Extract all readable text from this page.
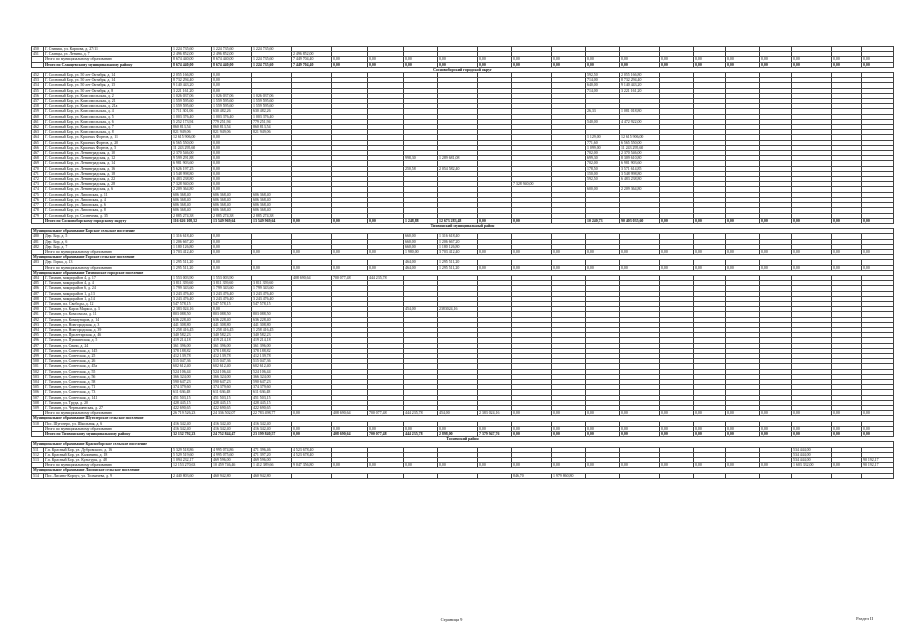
450	Г. Стивиш, ул. Карпова, д. 27/11	1 224 735,60	1 224 735,60	1 224 735,60																	
451	Г. Сланцы, ул. Ленина, д. 7	2 496 852,00	2 496 852,00		2 496 852,00																
	Итого по муниципальному образованию	8 674 440,00	8 674 440,00	1 224 735,60	7 449 704,40	0,00	0,00	0,00	0,00	0,00	0,00	0,00	0,00	0,00	0,00	0,00	0,00	0,00	0,00	0,00	0,00
	Итого по Сланцевскому муниципальному району	8 674 440,00	8 674 440,00	1 224 735,60	7 449 704,40	0,00	0,00	0,00	0,00	0,00	0,00	0,00	0,00	0,00	0,00	0,00	0,00	0,00	0,00	0,00	0,00
Сосновоборский городской округ																					
452	Г. Сосновый Бор, ул. 50 лет Октября, д. 14	2 055 166,80	0,00										592,50	2 055 166,80							
453	Г. Сосновый Бор, ул. 50 лет Октября, д. 14	8 732 294,40	0,00										714,00	8 732 294,40							
454	Г. Сосновый Бор, ул. 50 лет Октября, д. 15	9 140 443,20	0,00										640,00	9 140 443,20							
455	Г. Сосновый Бор, ул. 50 лет Октября, д. 8	3 221 161,20	0,00										714,00	3 221 161,20							
456	Г. Сосновый Бор, ул. Комсомольская, д. 2	1 026 037,06	1 026 037,06	1 026 037,06																	
457	Г. Сосновый Бор, ул. Комсомольская, д. 21	1 559 595,60	1 559 595,60	1 559 595,60																	
458	Г. Сосновый Бор, ул. Комсомольская, д. 21а	1 559 595,60	1 559 595,60	1 559 595,60																	
459	Г. Сосновый Бор, ул. Комсомольская, д. 4	1 711 301,06	630 482,26	630 482,26									26,33	1 081 018,80							
460	Г. Сосновый Бор, ул. Комсомольская, д. 5	1 003 376,40	1 003 376,40	1 003 376,40																	
461	Г. Сосновый Бор, ул. Комсомольская, д. 6	5 252 173,94	779 251,94	779 251,94									540,00	4 472 922,00							
462	Г. Сосновый Бор, ул. Комсомольская, д. 7	860 813,54	860 813,54	860 813,54																	
463	Г. Сосновый Бор, ул. Комсомольская, д. 8	821 949,06	821 949,06	821 949,06																	
464	Г. Сосновый Бор, ул. Красных Фортов, д. 11	12 615 906,00	0,00										1 129,00	12 615 906,00							
465	Г. Сосновый Бор, ул. Красных Фортов, д. 20	6 565 550,00	0,00										771,60	6 565 550,00							
466	Г. Сосновый Бор, ул. Красных Фортов, д. 5	11 243 295,60	0,00										1 099,00	11 243 295,60							
467	Г. Сосновый Бор, ул. Ленинградская, д. 10	2 370 546,00	0,00										702,00	2 370 546,00							
468	Г. Сосновый Бор, ул. Ленинградская, д. 12	9 599 291,88	0,00					998,30	1 289 681,08				699,30	8 309 610,80							
469	Г. Сосновый Бор, ул. Ленинградская, д. 14	6 981 903,60	0,00										702,00	6 981 903,60							
470	Г. Сосновый Бор, ул. Ленинградская, д. 16	5 626 197,25	0,00					250,58	2 054 582,40				178,50	3 571 614,85							
471	Г. Сосновый Бор, ул. Ленинградская, д. 18	3 548 998,80	0,00										150,00	3 548 998,80							
472	Г. Сосновый Бор, ул. Ленинградская, д. 22	6 483 238,80	0,00										592,50	6 483 238,80							
473	Г. Сосновый Бор, ул. Ленинградская, д. 28	7 328 940,00	0,00								7 328 940,00										
474	Г. Сосновый Бор, ул. Ленинградская, д. 6	2 209 364,80	0,00										600,00	2 209 364,80							
475	Г. Сосновый Бор, ул. Липовская, д. 11	606 368,40	606 368,40	606 368,40																	
476	Г. Сосновый Бор, ул. Липовская, д. 4	606 368,40	606 368,40	606 368,40																	
477	Г. Сосновый Бор, ул. Липовская, д. 6	606 368,40	606 368,40	606 368,40																	
478	Г. Сосновый Бор, ул. Липовская, д. 8	606 368,40	606 368,40	606 368,40																	
479	Г. Сосновый Бор, ул. Солнечная, д. 35	2 885 274,38	2 885 274,38	2 885 274,38																	
	Итого по Сосновоборскому городскому округу	116 626 108,52	13 549 969,64	13 549 969,64	0,00	0,00	0,00	1 248,88	12 673 283,48	0,00	0,00		10 240,73	90 403 035,60	0,00	0,00	0,00	0,00	0,00	0,00	0,00
Тихвинский муниципальный район																					
Муниципальное образование Борское сельское поселение																					
480	Дер. Бор, д. 5	1 316 618,40	0,00					660,00	1 316 618,40												
481	Дер. Бор, д. 6	1 206 667,20	0,00					660,00	1 206 667,20												
482	Дер. Бор, д. 7	1 180 126,80	0,00					660,00	1 180 126,80												
	Итого по муниципальному образованию	3 703 412,40	0,00	0,00	0,00	0,00	0,00	1 980,00	3 703 412,40	0,00	0,00	0,00	0,00	0,00	0,00	0,00	0,00	0,00	0,00	0,00	0,00
Муниципальное образование Горское сельское поселение																					
483	Дер. Горка, д. 13	1 295 511,20	0,00					464,00	1 295 511,20												
	Итого по муниципальному образованию	1 295 511,20	0,00	0,00	0,00	0,00	0,00	464,00	1 295 511,20	0,00	0,00	0,00	0,00	0,00	0,00	0,00	0,00	0,00	0,00	0,00	0,00
Муниципальное образование Тихвинское городское поселение																					
484	Г. Тихвин, микрорайон 4, д. 17	1 553 003,90	1 553 003,90		408 690,64	700 077,48	444 235,78														
485	Г. Тихвин, микрорайон 4, д. 4	3 811 359,60	3 811 359,60	3 811 359,60																	
486	Г. Тихвин, микрорайон 6, д. 24	1 799 343,60	1 799 343,60	1 799 343,60																	
487	Г. Тихвин, микрорайон 1, д.13	3 243 476,40	3 243 476,40	3 243 476,40																	
488	Г. Тихвин, микрорайон 1, д.14	3 243 476,40	3 243 476,40	3 243 476,40																	
489	Г. Тихвин, пл. Свободы, д. 12	547 578,15	547 578,15	547 578,15																	
490	Г. Тихвин, ул. Карла Маркса, д. 3	2 383 024,16	0,00					454,00	2383024,16												
491	Г. Тихвин, ул. Комсомола, д. 11	803 088,50	803 088,50	803 088,50																	
492	Г. Тихвин, ул. Коммунаров, д. 14	636 228,40	636 228,40	636 228,40																	
493	Г. Тихвин, ул. Новгородская, д. 3	441 308,80	441 308,80	441 308,80																	
494	Г. Тихвин, ул. Новгородская, д. 39	1 258 416,45	1 258 416,45	1 258 416,45																	
495	Г. Тихвин, ул. Пролетарская, д. 46	340 582,23	340 582,23	340 582,23																	
496	Г. Тихвин, ул. Пушкинская, д. 5	419 214,18	419 214,18	419 214,18																	
497	Г. Тихвин, ул. Связи, д. 24	361 396,00	361 396,00	361 396,00																	
498	Г. Тихвин, ул. Советская, д. 145	378 188,82	378 188,82	378 188,82																	
499	Г. Тихвин, ул. Советская, д. 25	412 139,78	412 139,78	412 139,78																	
500	Г. Тихвин, ул. Советская, д. 26	515 047,36	515 047,36	515 047,36																	
501	Г. Тихвин, ул. Советская, д. 45а	602 612,40	602 612,40	602 612,40																	
502	Г. Тихвин, ул. Советская, д. 55	524 106,44	524 106,44	524 106,44																	
503	Г. Тихвин, ул. Советская, д. 56	366 324,00	366 324,00	366 324,00																	
504	Г. Тихвин, ул. Советская, д. 58	590 647,23	590 647,23	590 647,23																	
505	Г. Тихвин, ул. Советская, д. 71	374 379,60	374 379,60	374 379,60																	
506	Г. Тихвин, ул. Советская, д. 73	611 636,48	611 636,48	611 636,48																	
507	Г. Тихвин, ул. Советская, д. 141	451 503,15	451 503,15	451 503,15																	
508	Г. Тихвин, ул. Труда, д. 20	428 445,15	428 445,15	428 445,15																	
509	Г. Тихвин, ул. Чернышевская, д. 27	422 690,65	422 690,65	422 690,65																	
	Итого по муниципальному образованию	26 719 526,23	24 336 502,07	22 783 498,77	0,00	408 690,64	700 077,48	444 235,78	454,00	2 383 024,16	0,00	0,00	0,00	0,00	0,00	0,00	0,00	0,00	0,00	0,00	0,00
Муниципальное образование Шугозерское сельское поселение																					
510	Пос. Шугозеро, ул. Школьная, д. 6	416 342,40	416 342,40	416 342,40																	
	Итого по муниципальному образованию	416 342,40	416 342,40	416 342,40	0,00	0,00	0,00	0,00	0,00	0,00	0,00	0,00	0,00	0,00	0,00	0,00	0,00	0,00	0,00	0,00	0,00
	Итого по Тихвинскому муниципальному району	32 132 792,23	24 752 844,47	23 199 840,57	0,00	408 690,64	700 077,48	444 235,78	2 898,00	7 379 947,76	0,00	0,00	0,00	0,00	0,00	0,00	0,00	0,00	0,00	0,00	0,00
Тосненский район																					
Муниципальное образование Красноборское сельское поселение																					
511	Г.п. Красный Бор, ул. Дубровского, д. 16	5 329 518,86	4 995 074,86	471 396,46	4 523 678,40														534 444,00		
512	Г.п. Красный Бор, ул. Калинина, д. 18	5 529 519,60	4 995 075,60	471 397,20	4 523 678,40														534 444,00		
513	Г.п. Красный Бор, ул. Культуры, д. 48	1 094 232,17	469 596,00	469 596,00															534 444,00		90 192,17
	Итого по муниципальному образованию	12 153 270,63	10 459 746,46	1 412 389,66	9 047 356,80	0,00	0,00	0,00	0,00	0,00	0,00	0,00	0,00	0,00	0,00	0,00	0,00	0,00	1 603 332,00	0,00	90 192,17
Муниципальное образование Лисинское сельское поселение																					
514	Пос. Лисино-Корпус, ул. Толмачева, д. 9	2 440 803,60	460 942,80	460 942,80							846,70	1 979 860,80									
Страница 9	Раздел II
